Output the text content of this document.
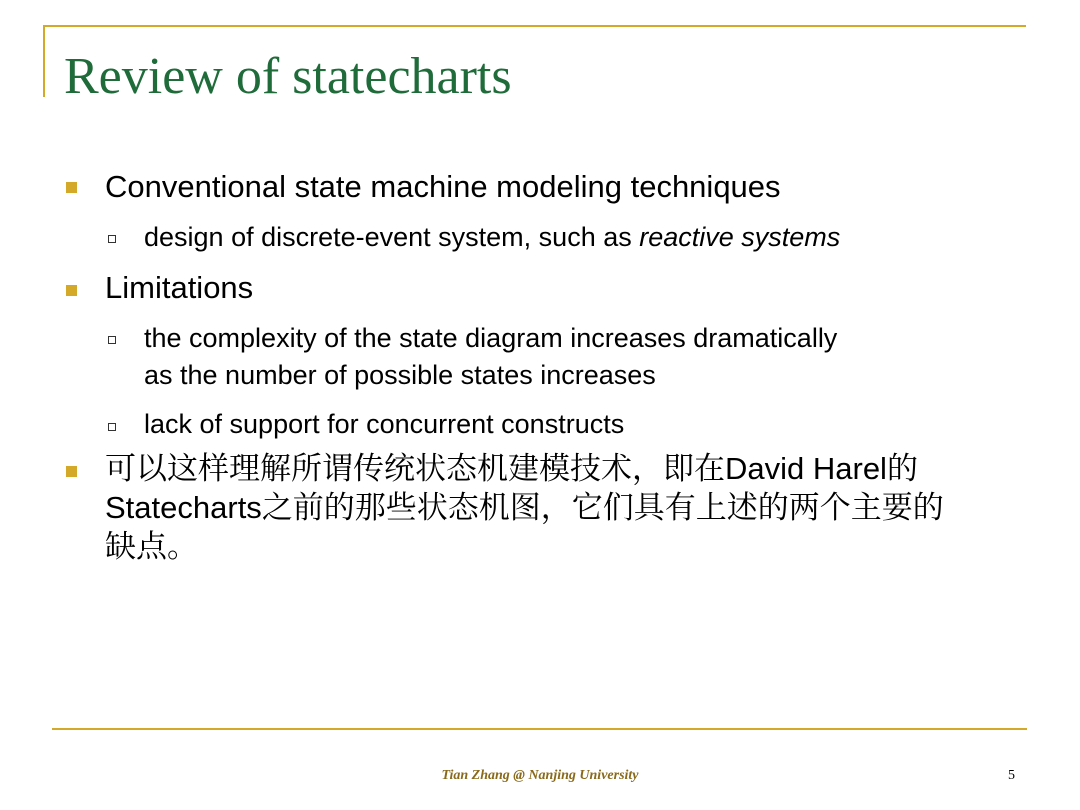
Review of statecharts
Conventional state machine modeling techniques
design of discrete-event system, such as reactive systems
Limitations
the complexity of the state diagram increases dramatically
as the number of possible states increases
lack of support for concurrent constructs
可以这样理解所谓传统状态机建模技术，即在David Harel的
Statecharts之前的那些状态机图，它们具有上述的两个主要的
缺点。
Tian Zhang @ Nanjing University	5
